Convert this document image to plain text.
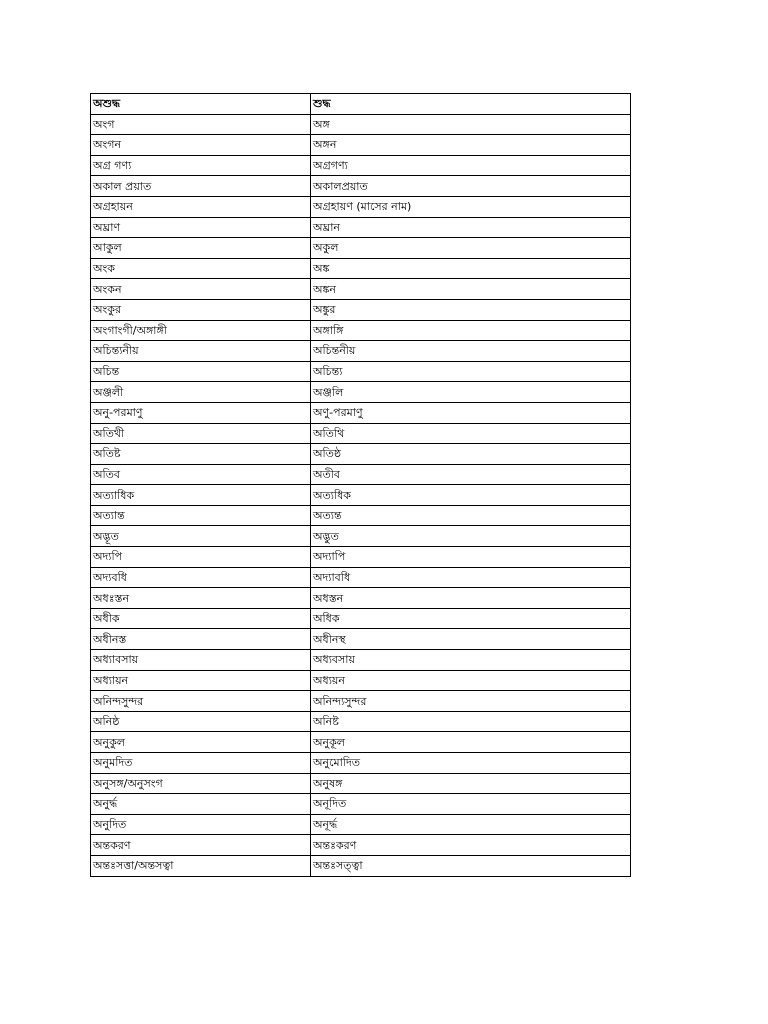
অশুদ্ধ	শুদ্ধ
অংগ	অঙ্গ
অংগন	অঙ্গন
অগ্র গণ্য	অগ্রগণ্য
অকাল প্রয়াত	অকালপ্রয়াত
অগ্রহায়ন	অগ্রহায়ণ (মাসের নাম)
অঘ্রাণ	অঘ্রান
আকুল	অকুল
অংক	অঙ্ক
অংকন	অঙ্কন
অংকুর	অঙ্কুর
অংগাংগী/অঙ্গাঙ্গী	অঙ্গাঙ্গি
অচিন্ত্যনীয়	অচিন্তনীয়
অচিন্ত	অচিন্ত্য
অঞ্জলী	অঞ্জলি
অনু-পরমাণু	অণু-পরমাণু
অতিথী	অতিথি
অতিষ্ট	অতিষ্ঠ
অতিব	অতীব
অত্যাধিক	অত্যধিক
অত্যান্ত	অত্যন্ত
অদ্ভূত	অদ্ভুত
অদ্যপি	অদ্যাপি
অদ্যবধি	অদ্যাবধি
অধঃস্তন	অধস্তন
অধীক	অধিক
অধীনস্ত	অধীনস্থ
অধ্যাবসায়	অধ্যবসায়
অধ্যায়ন	অধ্যয়ন
অনিন্দসুন্দর	অনিন্দ্যসুন্দর
অনিষ্ঠ	অনিষ্ট
অনুকুল	অনুকূল
অনুমদিত	অনুমোদিত
অনুসঙ্গ/অনুসংগ	অনুষঙ্গ
অনুর্দ্ধ	অনূদিত
অনুদিত	অনূর্দ্ধ
অন্তকরণ	অন্তঃকরণ
অন্তঃসত্তা/অন্তসত্বা	অন্তঃসত্ত্বা
